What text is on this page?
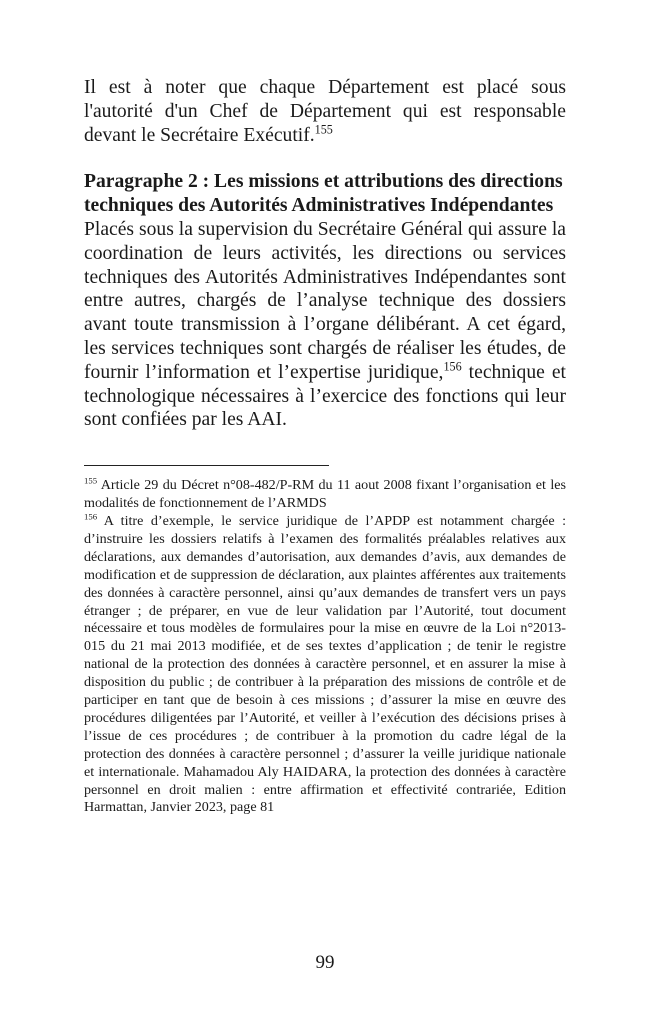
Il est à noter que chaque Département est placé sous l'autorité d'un Chef de Département qui est responsable devant le Secrétaire Exécutif.$^{155}$

Paragraphe 2 : Les missions et attributions des directions techniques des Autorités Administratives Indépendantes

Placés sous la supervision du Secrétaire Général qui assure la coordination de leurs activités, les directions ou services techniques des Autorités Administratives Indépendantes sont entre autres, chargés de l’analyse technique des dossiers avant toute transmission à l’organe délibérant. A cet égard, les services techniques sont chargés de réaliser les études, de fournir l’information et l’expertise juridique,$^{156}$ technique et technologique nécessaires à l’exercice des fonctions qui leur sont confiées par les AAI.

$^{155}$ Article 29 du Décret n°08-482/P-RM du 11 aout 2008 fixant l’organisation et les modalités de fonctionnement de l’ARMDS

$^{156}$ A titre d’exemple, le service juridique de l’APDP est notamment chargée : d’instruire les dossiers relatifs à l’examen des formalités préalables relatives aux déclarations, aux demandes d’autorisation, aux demandes d’avis, aux demandes de modification et de suppression de déclaration, aux plaintes afférentes aux traitements des données à caractère personnel, ainsi qu’aux demandes de transfert vers un pays étranger ; de préparer, en vue de leur validation par l’Autorité, tout document nécessaire et tous modèles de formulaires pour la mise en œuvre de la Loi n°2013-015 du 21 mai 2013 modifiée, et de ses textes d’application ; de tenir le registre national de la protection des données à caractère personnel, et en assurer la mise à disposition du public ; de contribuer à la préparation des missions de contrôle et de participer en tant que de besoin à ces missions ; d’assurer la mise en œuvre des procédures diligentées par l’Autorité, et veiller à l’exécution des décisions prises à l’issue de ces procédures ; de contribuer à la promotion du cadre légal de la protection des données à caractère personnel ; d’assurer la veille juridique nationale et internationale. Mahamadou Aly HAIDARA, la protection des données à caractère personnel en droit malien : entre affirmation et effectivité contrariée, Edition Harmattan, Janvier 2023, page 81

99
